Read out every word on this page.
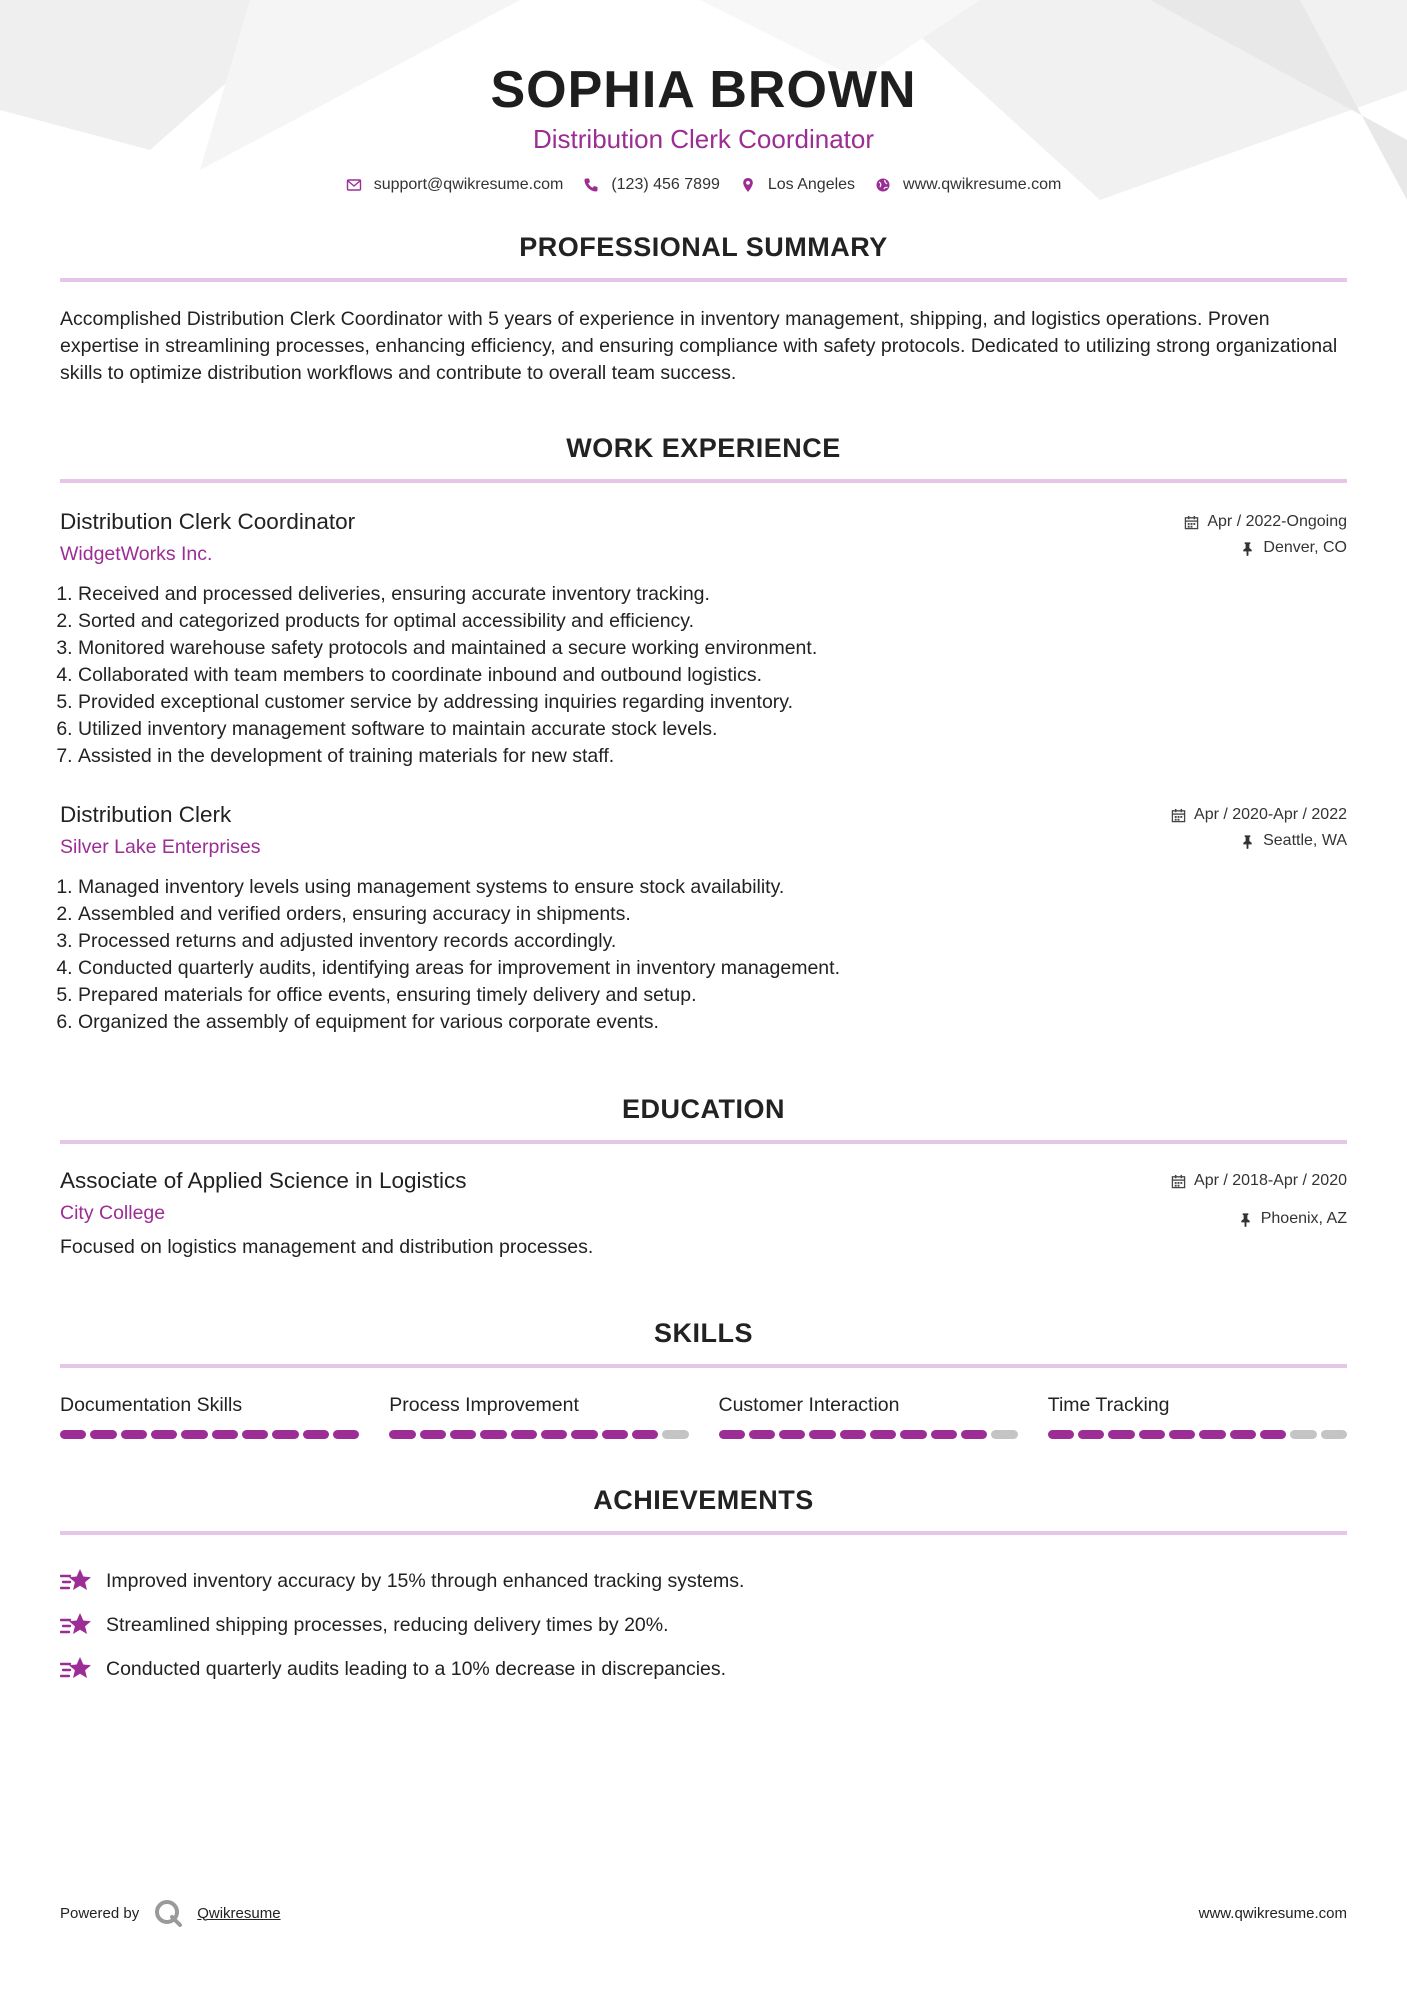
SOPHIA BROWN
Distribution Clerk Coordinator
support@qwikresume.com	(123) 456 7899	Los Angeles	www.qwikresume.com
PROFESSIONAL SUMMARY

Accomplished Distribution Clerk Coordinator with 5 years of experience in inventory management, shipping, and logistics operations. Proven expertise in streamlining processes, enhancing efficiency, and ensuring compliance with safety protocols. Dedicated to utilizing strong organizational skills to optimize distribution workflows and contribute to overall team success.

WORK EXPERIENCE
Distribution Clerk Coordinator
WidgetWorks Inc.
Apr / 2022-Ongoing
Denver, CO
1. Received and processed deliveries, ensuring accurate inventory tracking.
2. Sorted and categorized products for optimal accessibility and efficiency.
3. Monitored warehouse safety protocols and maintained a secure working environment.
4. Collaborated with team members to coordinate inbound and outbound logistics.
5. Provided exceptional customer service by addressing inquiries regarding inventory.
6. Utilized inventory management software to maintain accurate stock levels.
7. Assisted in the development of training materials for new staff.
Distribution Clerk
Silver Lake Enterprises
Apr / 2020-Apr / 2022
Seattle, WA
1. Managed inventory levels using management systems to ensure stock availability.
2. Assembled and verified orders, ensuring accuracy in shipments.
3. Processed returns and adjusted inventory records accordingly.
4. Conducted quarterly audits, identifying areas for improvement in inventory management.
5. Prepared materials for office events, ensuring timely delivery and setup.
6. Organized the assembly of equipment for various corporate events.
EDUCATION
Associate of Applied Science in Logistics
City College
Apr / 2018-Apr / 2020
Phoenix, AZ
Focused on logistics management and distribution processes.
SKILLS
Documentation Skills	Process Improvement	Customer Interaction	Time Tracking
ACHIEVEMENTS
Improved inventory accuracy by 15% through enhanced tracking systems.
Streamlined shipping processes, reducing delivery times by 20%.
Conducted quarterly audits leading to a 10% decrease in discrepancies.
Powered by	Qwikresume	www.qwikresume.com
